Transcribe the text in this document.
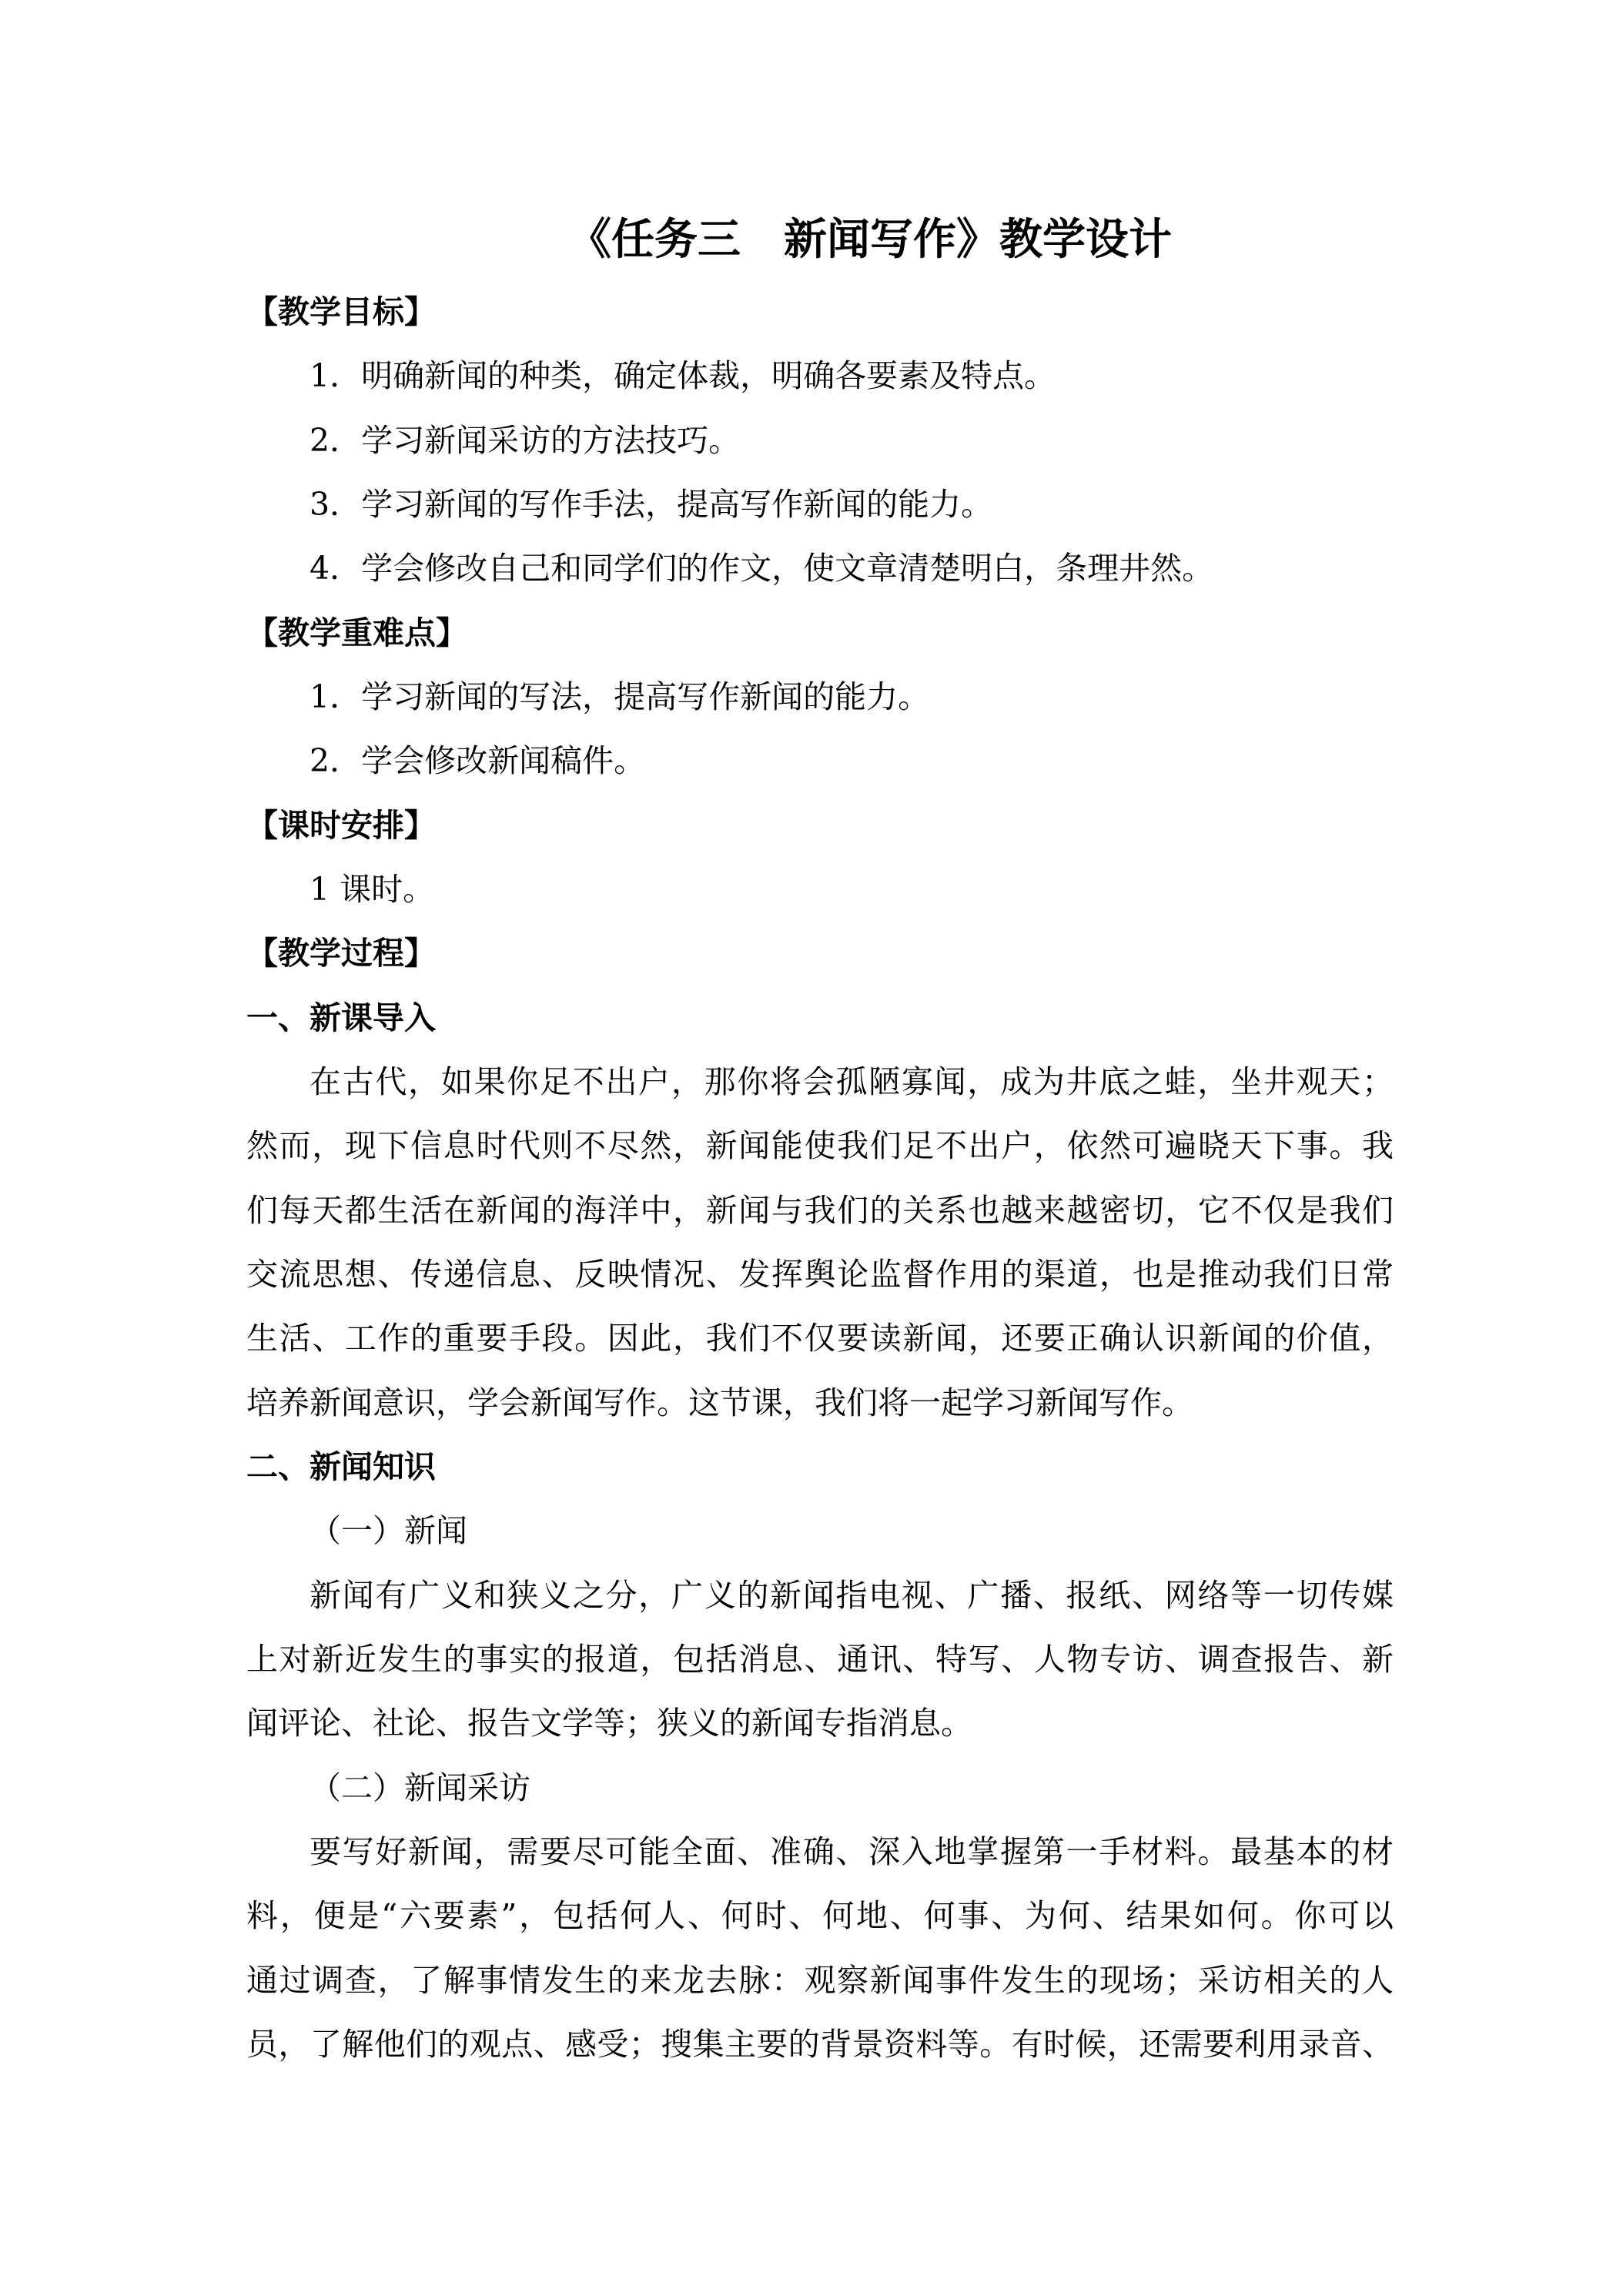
《任务三　新闻写作》教学设计
【教学目标】
1．明确新闻的种类，确定体裁，明确各要素及特点。
2．学习新闻采访的方法技巧。
3．学习新闻的写作手法，提高写作新闻的能力。
4．学会修改自己和同学们的作文，使文章清楚明白，条理井然。
【教学重难点】
1．学习新闻的写法，提高写作新闻的能力。
2．学会修改新闻稿件。
【课时安排】
1 课时。
【教学过程】
一、新课导入
在古代，如果你足不出户，那你将会孤陋寡闻，成为井底之蛙，坐井观天；
然而，现下信息时代则不尽然，新闻能使我们足不出户，依然可遍晓天下事。我
们每天都生活在新闻的海洋中，新闻与我们的关系也越来越密切，它不仅是我们
交流思想、传递信息、反映情况、发挥舆论监督作用的渠道，也是推动我们日常
生活、工作的重要手段。因此，我们不仅要读新闻，还要正确认识新闻的价值，
培养新闻意识，学会新闻写作。这节课，我们将一起学习新闻写作。
二、新闻知识
（一）新闻
新闻有广义和狭义之分，广义的新闻指电视、广播、报纸、网络等一切传媒
上对新近发生的事实的报道，包括消息、通讯、特写、人物专访、调查报告、新
闻评论、社论、报告文学等；狭义的新闻专指消息。
（二）新闻采访
要写好新闻，需要尽可能全面、准确、深入地掌握第一手材料。最基本的材
料，便是“六要素”，包括何人、何时、何地、何事、为何、结果如何。你可以
通过调查，了解事情发生的来龙去脉：观察新闻事件发生的现场；采访相关的人
员，了解他们的观点、感受；搜集主要的背景资料等。有时候，还需要利用录音、
